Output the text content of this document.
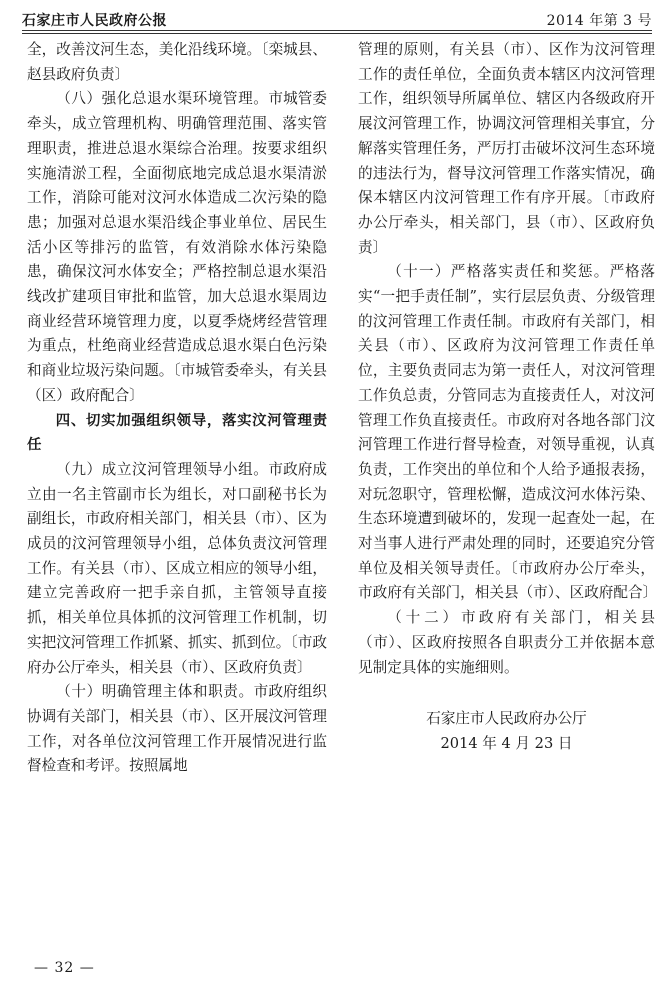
石家庄市人民政府公报	2014 年第 3 号

全，改善汶河生态，美化沿线环境。〔栾城县、赵县政府负责〕

（八）强化总退水渠环境管理。市城管委牵头，成立管理机构、明确管理范围、落实管理职责，推进总退水渠综合治理。按要求组织实施清淤工程，全面彻底地完成总退水渠清淤工作，消除可能对汶河水体造成二次污染的隐患；加强对总退水渠沿线企事业单位、居民生活小区等排污的监管，有效消除水体污染隐患，确保汶河水体安全；严格控制总退水渠沿线改扩建项目审批和监管，加大总退水渠周边商业经营环境管理力度，以夏季烧烤经营管理为重点，杜绝商业经营造成总退水渠白色污染和商业垃圾污染问题。〔市城管委牵头，有关县（区）政府配合〕

四、切实加强组织领导，落实汶河管理责任

（九）成立汶河管理领导小组。市政府成立由一名主管副市长为组长，对口副秘书长为副组长，市政府相关部门，相关县（市）、区为成员的汶河管理领导小组，总体负责汶河管理工作。有关县（市）、区成立相应的领导小组，建立完善政府一把手亲自抓，主管领导直接抓，相关单位具体抓的汶河管理工作机制，切实把汶河管理工作抓紧、抓实、抓到位。〔市政府办公厅牵头，相关县（市）、区政府负责〕

（十）明确管理主体和职责。市政府组织协调有关部门，相关县（市）、区开展汶河管理工作，对各单位汶河管理工作开展情况进行监督检查和考评。按照属地

管理的原则，有关县（市）、区作为汶河管理工作的责任单位，全面负责本辖区内汶河管理工作，组织领导所属单位、辖区内各级政府开展汶河管理工作，协调汶河管理相关事宜，分解落实管理任务，严厉打击破坏汶河生态环境的违法行为，督导汶河管理工作落实情况，确保本辖区内汶河管理工作有序开展。〔市政府办公厅牵头，相关部门，县（市）、区政府负责〕

（十一）严格落实责任和奖惩。严格落实“一把手责任制”，实行层层负责、分级管理的汶河管理工作责任制。市政府有关部门，相关县（市）、区政府为汶河管理工作责任单位，主要负责同志为第一责任人，对汶河管理工作负总责，分管同志为直接责任人，对汶河管理工作负直接责任。市政府对各地各部门汶河管理工作进行督导检查，对领导重视，认真负责，工作突出的单位和个人给予通报表扬，对玩忽职守，管理松懈，造成汶河水体污染、生态环境遭到破坏的，发现一起查处一起，在对当事人进行严肃处理的同时，还要追究分管单位及相关领导责任。〔市政府办公厅牵头，市政府有关部门，相关县（市）、区政府配合〕

（十二）市政府有关部门，相关县（市）、区政府按照各自职责分工并依据本意见制定具体的实施细则。

石家庄市人民政府办公厅

2014 年 4 月 23 日

— 32 —
